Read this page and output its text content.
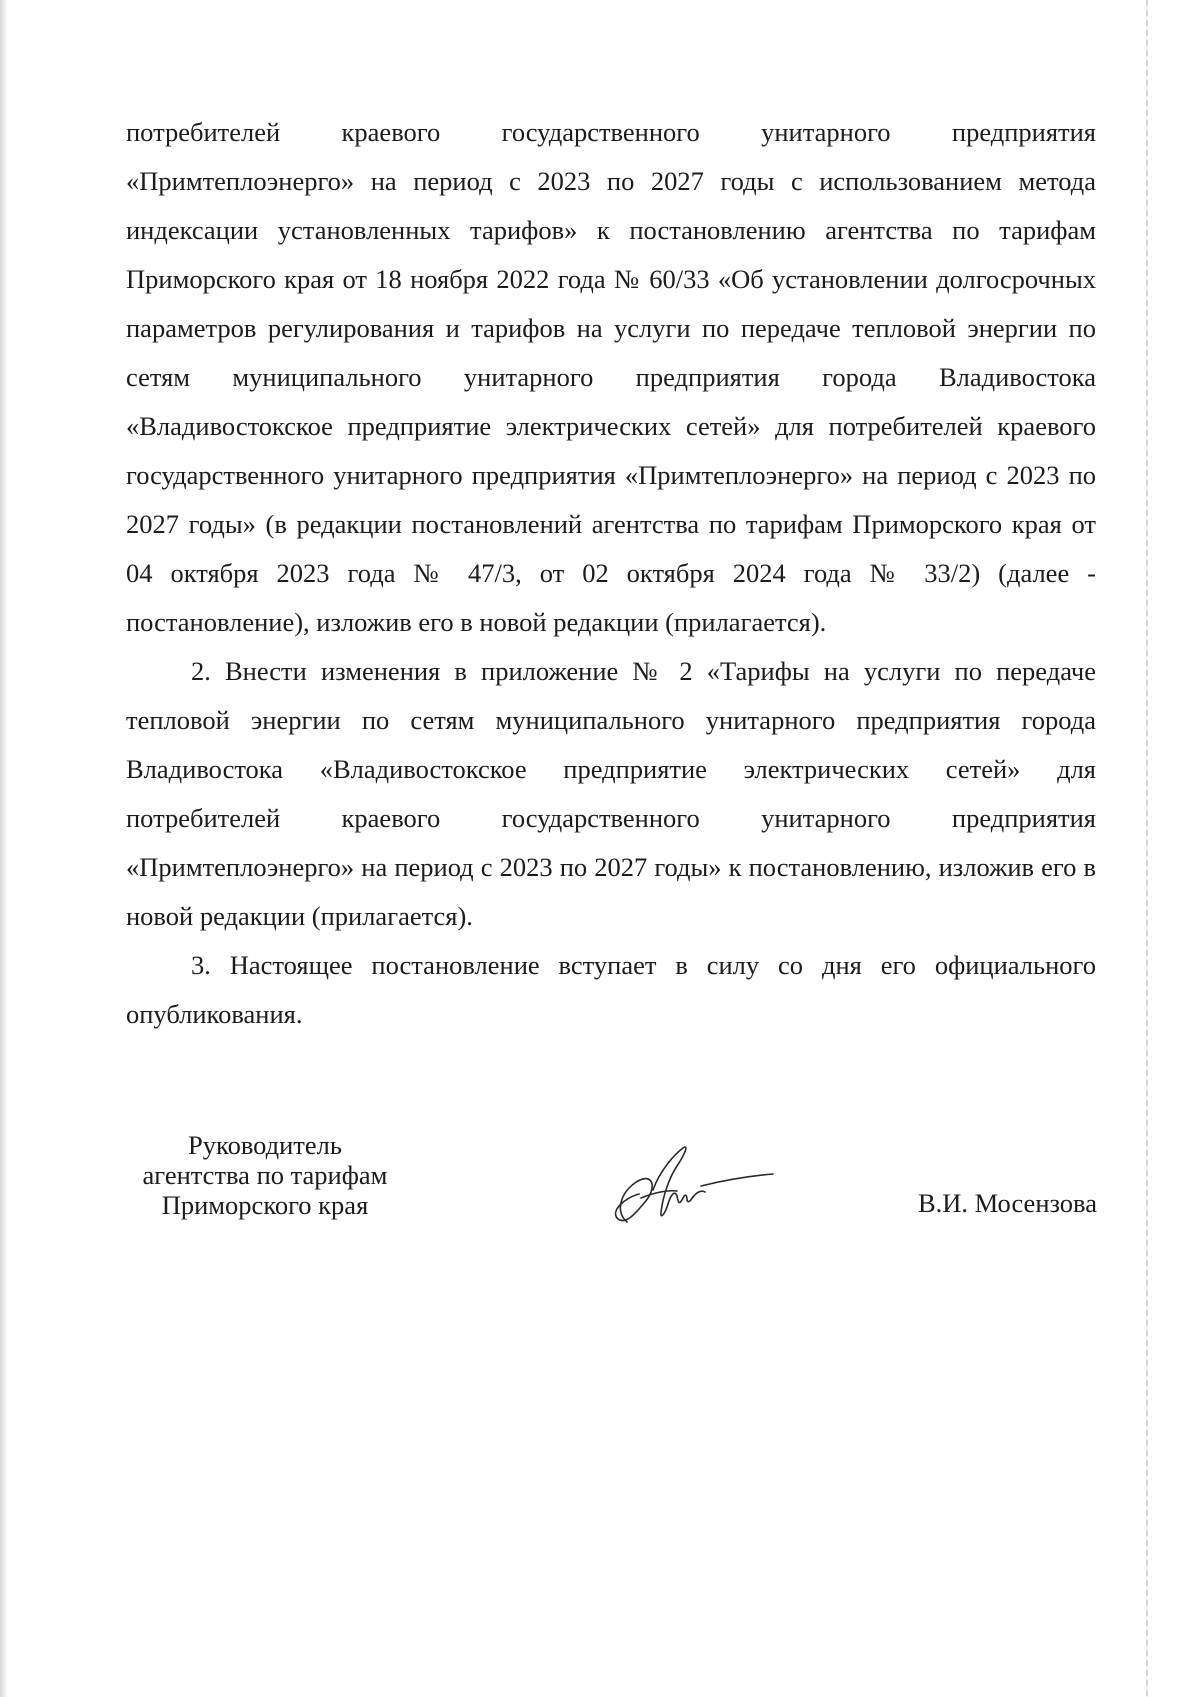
потребителей краевого государственного унитарного предприятия «Примтеплоэнерго» на период с 2023 по 2027 годы с использованием метода индексации установленных тарифов» к постановлению агентства по тарифам Приморского края от 18 ноября 2022 года № 60/33 «Об установлении долгосрочных параметров регулирования и тарифов на услуги по передаче тепловой энергии по сетям муниципального унитарного предприятия города Владивостока «Владивостокское предприятие электрических сетей» для потребителей краевого государственного унитарного предприятия «Примтеплоэнерго» на период с 2023 по 2027 годы» (в редакции постановлений агентства по тарифам Приморского края от 04 октября 2023 года № 47/3, от 02 октября 2024 года № 33/2) (далее - постановление), изложив его в новой редакции (прилагается).

2. Внести изменения в приложение № 2 «Тарифы на услуги по передаче тепловой энергии по сетям муниципального унитарного предприятия города Владивостока «Владивостокское предприятие электрических сетей» для потребителей краевого государственного унитарного предприятия «Примтеплоэнерго» на период с 2023 по 2027 годы» к постановлению, изложив его в новой редакции (прилагается).

3. Настоящее постановление вступает в силу со дня его официального опубликования.

Руководитель
агентства по тарифам
Приморского края	В.И. Мосензова
